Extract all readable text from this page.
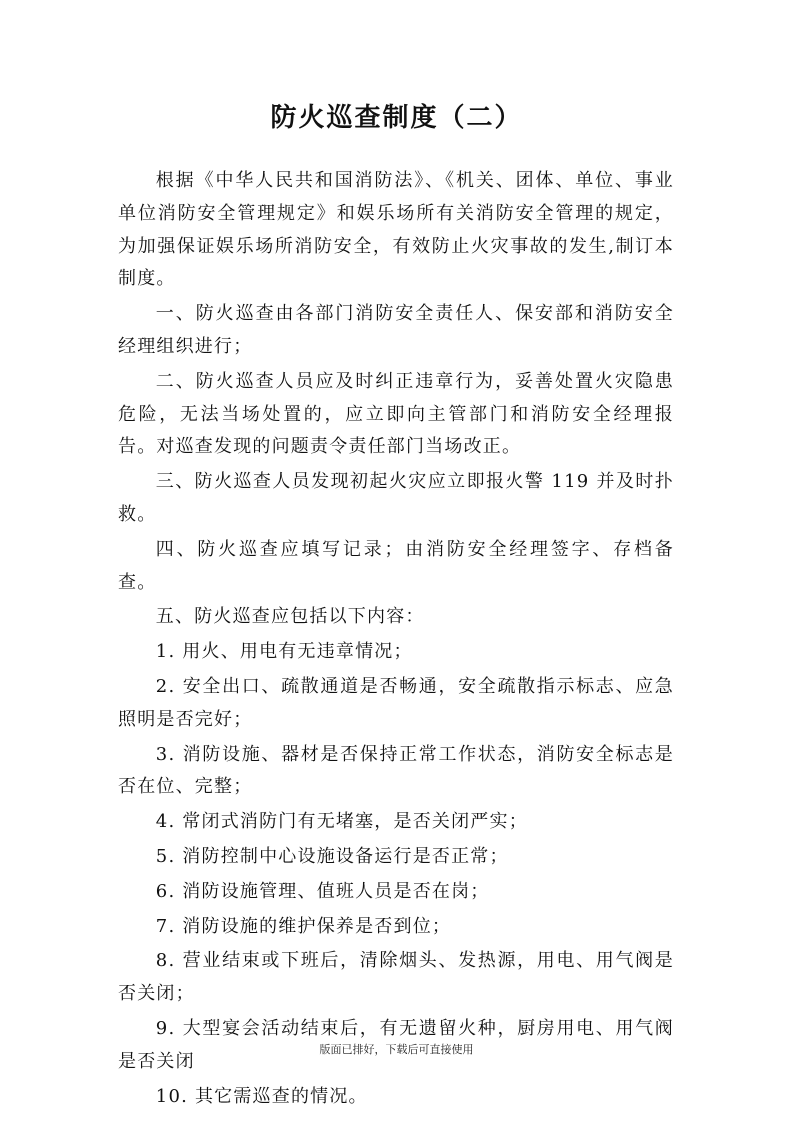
防火巡查制度（二）

根据《中华人民共和国消防法》、《机关、团体、单位、事业单位消防安全管理规定》和娱乐场所有关消防安全管理的规定，为加强保证娱乐场所消防安全，有效防止火灾事故的发生,制订本制度。

一、防火巡查由各部门消防安全责任人、保安部和消防安全经理组织进行；

二、防火巡查人员应及时纠正违章行为，妥善处置火灾隐患危险，无法当场处置的，应立即向主管部门和消防安全经理报告。对巡查发现的问题责令责任部门当场改正。

三、防火巡查人员发现初起火灾应立即报火警 119 并及时扑救。

四、防火巡查应填写记录；由消防安全经理签字、存档备查。

五、防火巡查应包括以下内容：

1. 用火、用电有无违章情况；

2. 安全出口、疏散通道是否畅通，安全疏散指示标志、应急照明是否完好；

3. 消防设施、器材是否保持正常工作状态，消防安全标志是否在位、完整；

4. 常闭式消防门有无堵塞，是否关闭严实；

5. 消防控制中心设施设备运行是否正常；

6. 消防设施管理、值班人员是否在岗；

7. 消防设施的维护保养是否到位；

8. 营业结束或下班后，清除烟头、发热源，用电、用气阀是否关闭；

9. 大型宴会活动结束后，有无遗留火种，厨房用电、用气阀是否关闭

10. 其它需巡查的情况。

版面已排好，下载后可直接使用
